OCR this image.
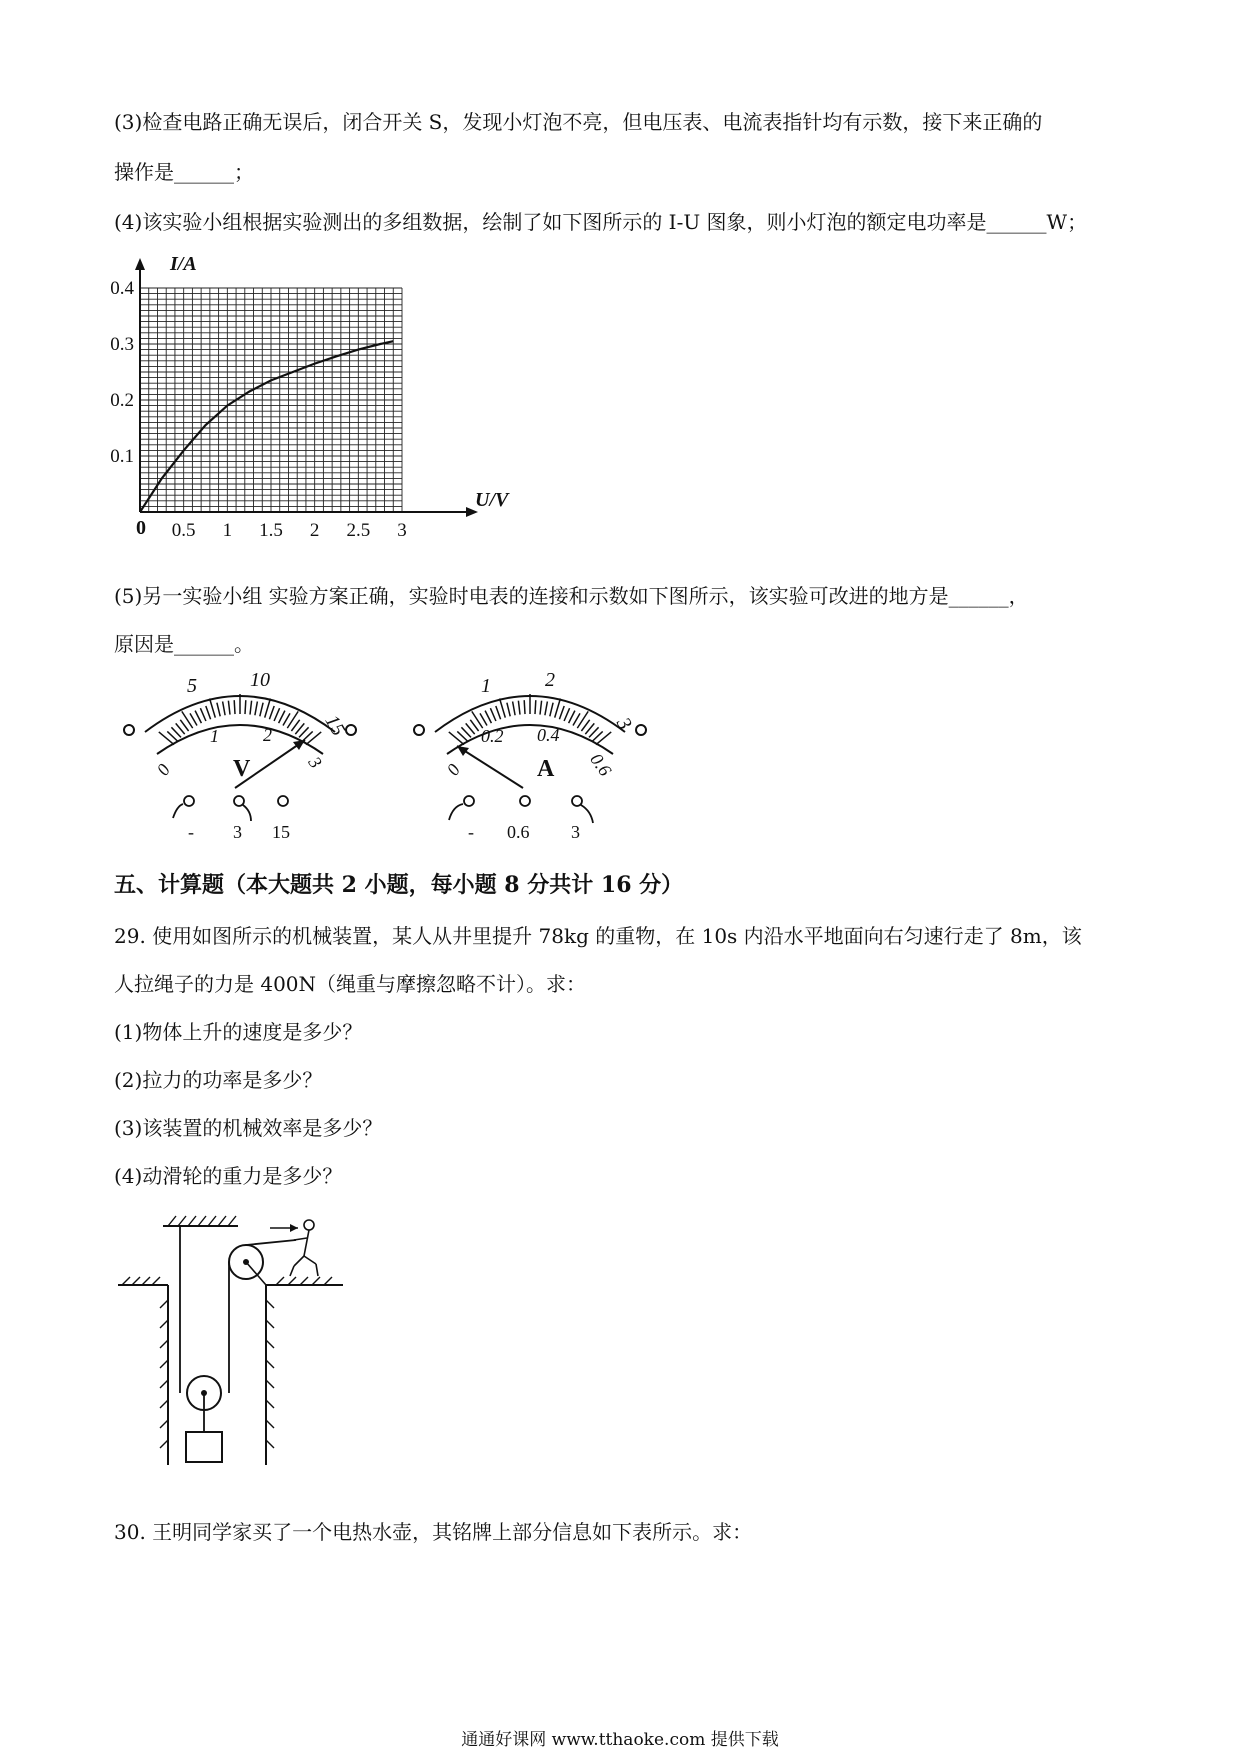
(3)检查电路正确无误后，闭合开关 S，发现小灯泡不亮，但电压表、电流表指针均有示数，接下来正确的
操作是______；
(4)该实验小组根据实验测出的多组数据，绘制了如下图所示的 I-U 图象，则小灯泡的额定电功率是______W；
0.5 1 1.5 2 2.5 3
0.1
0.2
0.3
0.4
I/A
U/V
0
(5)另一实验小组 实验方案正确，实验时电表的连接和示数如下图所示，该实验可改进的地方是______，
原因是______。
5	10
15
0
1 2
3
V
- 3 15
1	2
3
0
0.2 0.4
0.6
A
- 0.6 3
五、计算题（本大题共 2 小题，每小题 8 分共计 16 分）
29. 使用如图所示的机械装置，某人从井里提升 78kg 的重物，在 10s 内沿水平地面向右匀速行走了 8m，该
人拉绳子的力是 400N（绳重与摩擦忽略不计）。求：
(1)物体上升的速度是多少？
(2)拉力的功率是多少？
(3)该装置的机械效率是多少？
(4)动滑轮的重力是多少？
30. 王明同学家买了一个电热水壶，其铭牌上部分信息如下表所示。求：
通通好课网 www.tthaoke.com 提供下载
